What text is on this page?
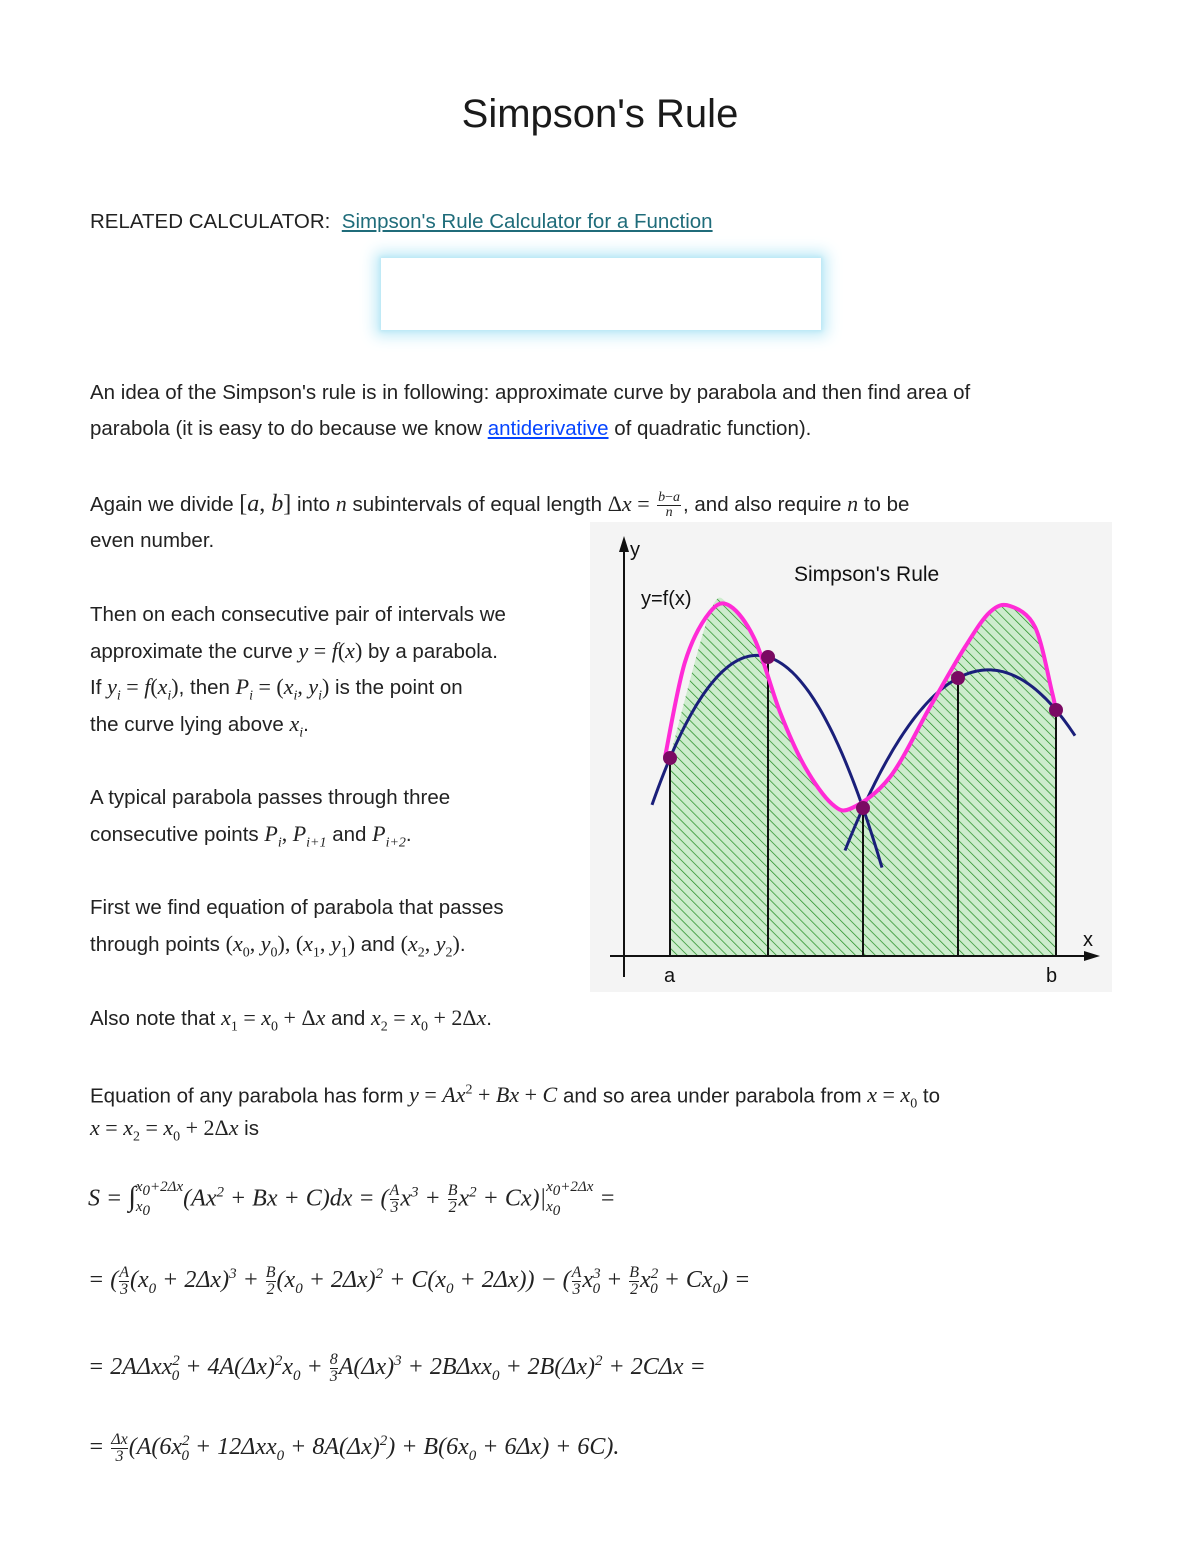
Simpson's Rule
RELATED CALCULATOR: Simpson's Rule Calculator for a Function
An idea of the Simpson's rule is in following: approximate curve by parabola and then find area of
parabola (it is easy to do because we know antiderivative of quadratic function).
Again we divide [a, b] into n subintervals of equal length $\Delta x = \frac{b-a}{n}$ , and also require n to be
even number.
Then on each consecutive pair of intervals we
approximate the curve y = f(x) by a parabola.
If $y_i = f(x_i)$, then $P_i = (x_i$, $y_i$) is the point on
the curve lying above $x_i$.
A typical parabola passes through three
consecutive points $P_i$, $P_{i+1}$ and $P_{i+2}$.
First we find equation of parabola that passes
through points ($x_0$, $y_0$), ($x_1$, $y_1$) and ($x_2$, $y_2$).
Also note that $x_1 = x_0 + \Delta x$ and $x_2 = x_0 + 2\Delta x$.
Equation of any parabola has form $y = Ax^2 + Bx + C$ and so area under parabola from $x = x_0$ to
$x = x_2 = x_0 + 2\Delta x$ is
S = ∫ $x_0+2\Delta x$
$x_0$	$(Ax^2 + Bx + C)dx$ = ( $\frac{A}{3} x^3 + \frac{B}{2} x^2 + Cx)|$ $x_0+2\Delta x$
$x_0$	=
= ( $\frac{A}{3} (x_0 + 2\Delta x)^3 + \frac{B}{2} (x_0 + 2\Delta x)^2 + C(x_0 + 2\Delta x)$) − ( $\frac{A}{3} x^3_0 + \frac{B}{2} x^2_0 + Cx_0$) =
= $2A\Delta xx^2_0 + 4A(\Delta x)^2x_0 + \frac{8}{3} A(\Delta x)^3 + 2B\Delta xx_0 + 2B(\Delta x)^2 + 2C\Delta x$ =
= $\frac{\Delta x}{3} (A(6x^2_0 + 12\Delta xx_0 + 8A(\Delta x)^2) + B(6x_0 + 6\Delta x) + 6C)$.
y
x
Simpson's Rule
y=f(x)
a	b
